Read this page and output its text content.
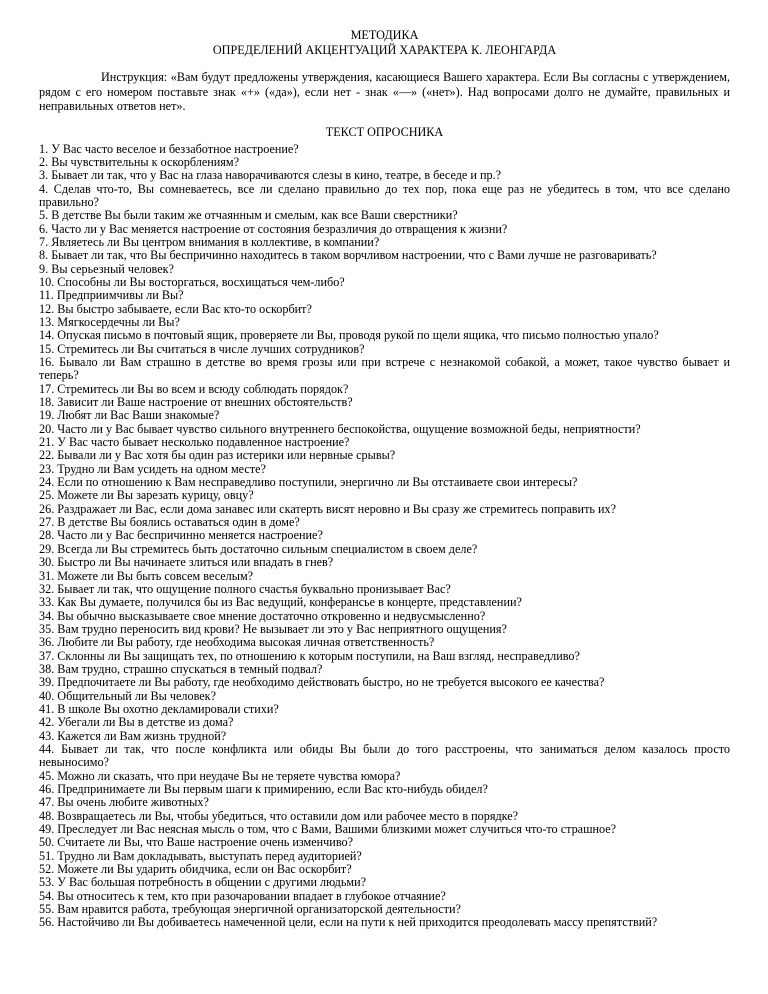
МЕТОДИКА

ОПРЕДЕЛЕНИЙ АКЦЕНТУАЦИЙ ХАРАКТЕРА К. ЛЕОНГАРДА

Инструкция: «Вам будут предложены утверждения, касающиеся Вашего характера. Если Вы согласны с утверждением, рядом с его номером поставьте знак «+» («да»), если нет - знак «—» («нет»). Над вопросами долго не думайте, правильных и неправильных ответов нет».

ТЕКСТ ОПРОСНИКА

1. У Вас часто веселое и беззаботное настроение?
2. Вы чувствительны к оскорблениям?
3. Бывает ли так, что у Вас на глаза наворачиваются слезы в кино, театре, в беседе и пр.?
4. Сделав что-то, Вы сомневаетесь, все ли сделано правильно до тех пор, пока еще раз не убедитесь в том, что все сделано правильно?
5. В детстве Вы были таким же отчаянным и смелым, как все Ваши сверстники?
6. Часто ли у Вас меняется настроение от состояния безразличия до отвращения к жизни?
7. Являетесь ли Вы центром внимания в коллективе, в компании?
8. Бывает ли так, что Вы беспричинно находитесь в таком ворчливом настроении, что с Вами лучше не разговаривать?
9. Вы серьезный человек?
10. Способны ли Вы восторгаться, восхищаться чем-либо?
11. Предприимчивы ли Вы?
12. Вы быстро забываете, если Вас кто-то оскорбит?
13. Мягкосердечны ли Вы?
14. Опуская письмо в почтовый ящик, проверяете ли Вы, проводя рукой по щели ящика, что письмо полностью упало?
15. Стремитесь ли Вы считаться в числе лучших сотрудников?
16. Бывало ли Вам страшно в детстве во время грозы или при встрече с незнакомой собакой, а может, такое чувство бывает и теперь?
17. Стремитесь ли Вы во всем и всюду соблюдать порядок?
18. Зависит ли Ваше настроение от внешних обстоятельств?
19. Любят ли Вас Ваши знакомые?
20. Часто ли у Вас бывает чувство сильного внутреннего беспокойства, ощущение возможной беды, неприятности?
21. У Вас часто бывает несколько подавленное настроение?
22. Бывали ли у Вас хотя бы один раз истерики или нервные срывы?
23. Трудно ли Вам усидеть на одном месте?
24. Если по отношению к Вам несправедливо поступили, энергично ли Вы отстаиваете свои интересы?
25. Можете ли Вы зарезать курицу, овцу?
26. Раздражает ли Вас, если дома занавес или скатерть висят неровно и Вы сразу же стремитесь поправить их?
27. В детстве Вы боялись оставаться один в доме?
28. Часто ли у Вас беспричинно меняется настроение?
29. Всегда ли Вы стремитесь быть достаточно сильным специалистом в своем деле?
30. Быстро ли Вы начинаете злиться или впадать в гнев?
31. Можете ли Вы быть совсем веселым?
32. Бывает ли так, что ощущение полного счастья буквально пронизывает Вас?
33. Как Вы думаете, получился бы из Вас ведущий, конферансье в концерте, представлении?
34. Вы обычно высказываете свое мнение достаточно откровенно и недвусмысленно?
35. Вам трудно переносить вид крови? Не вызывает ли это у Вас неприятного ощущения?
36. Любите ли Вы работу, где необходима высокая личная ответственность?
37. Склонны ли Вы защищать тех, по отношению к которым поступили, на Ваш взгляд, несправедливо?
38. Вам трудно, страшно спускаться в темный подвал?
39. Предпочитаете ли Вы работу, где необходимо действовать быстро, но не требуется высокого ее качества?
40. Общительный ли Вы человек?
41. В школе Вы охотно декламировали стихи?
42. Убегали ли Вы в детстве из дома?
43. Кажется ли Вам жизнь трудной?
44. Бывает ли так, что после конфликта или обиды Вы были до того расстроены, что заниматься делом казалось просто невыносимо?
45. Можно ли сказать, что при неудаче Вы не теряете чувства юмора?
46. Предпринимаете ли Вы первым шаги к примирению, если Вас кто-нибудь обидел?
47. Вы очень любите животных?
48. Возвращаетесь ли Вы, чтобы убедиться, что оставили дом или рабочее место в порядке?
49. Преследует ли Вас неясная мысль о том, что с Вами, Вашими близкими может случиться что-то страшное?
50. Считаете ли Вы, что Ваше настроение очень изменчиво?
51. Трудно ли Вам докладывать, выступать перед аудиторией?
52. Можете ли Вы ударить обидчика, если он Вас оскорбит?
53. У Вас большая потребность в общении с другими людьми?
54. Вы относитесь к тем, кто при разочаровании впадает в глубокое отчаяние?
55. Вам нравится работа, требующая энергичной организаторской деятельности?
56. Настойчиво ли Вы добиваетесь намеченной цели, если на пути к ней приходится преодолевать массу препятствий?
